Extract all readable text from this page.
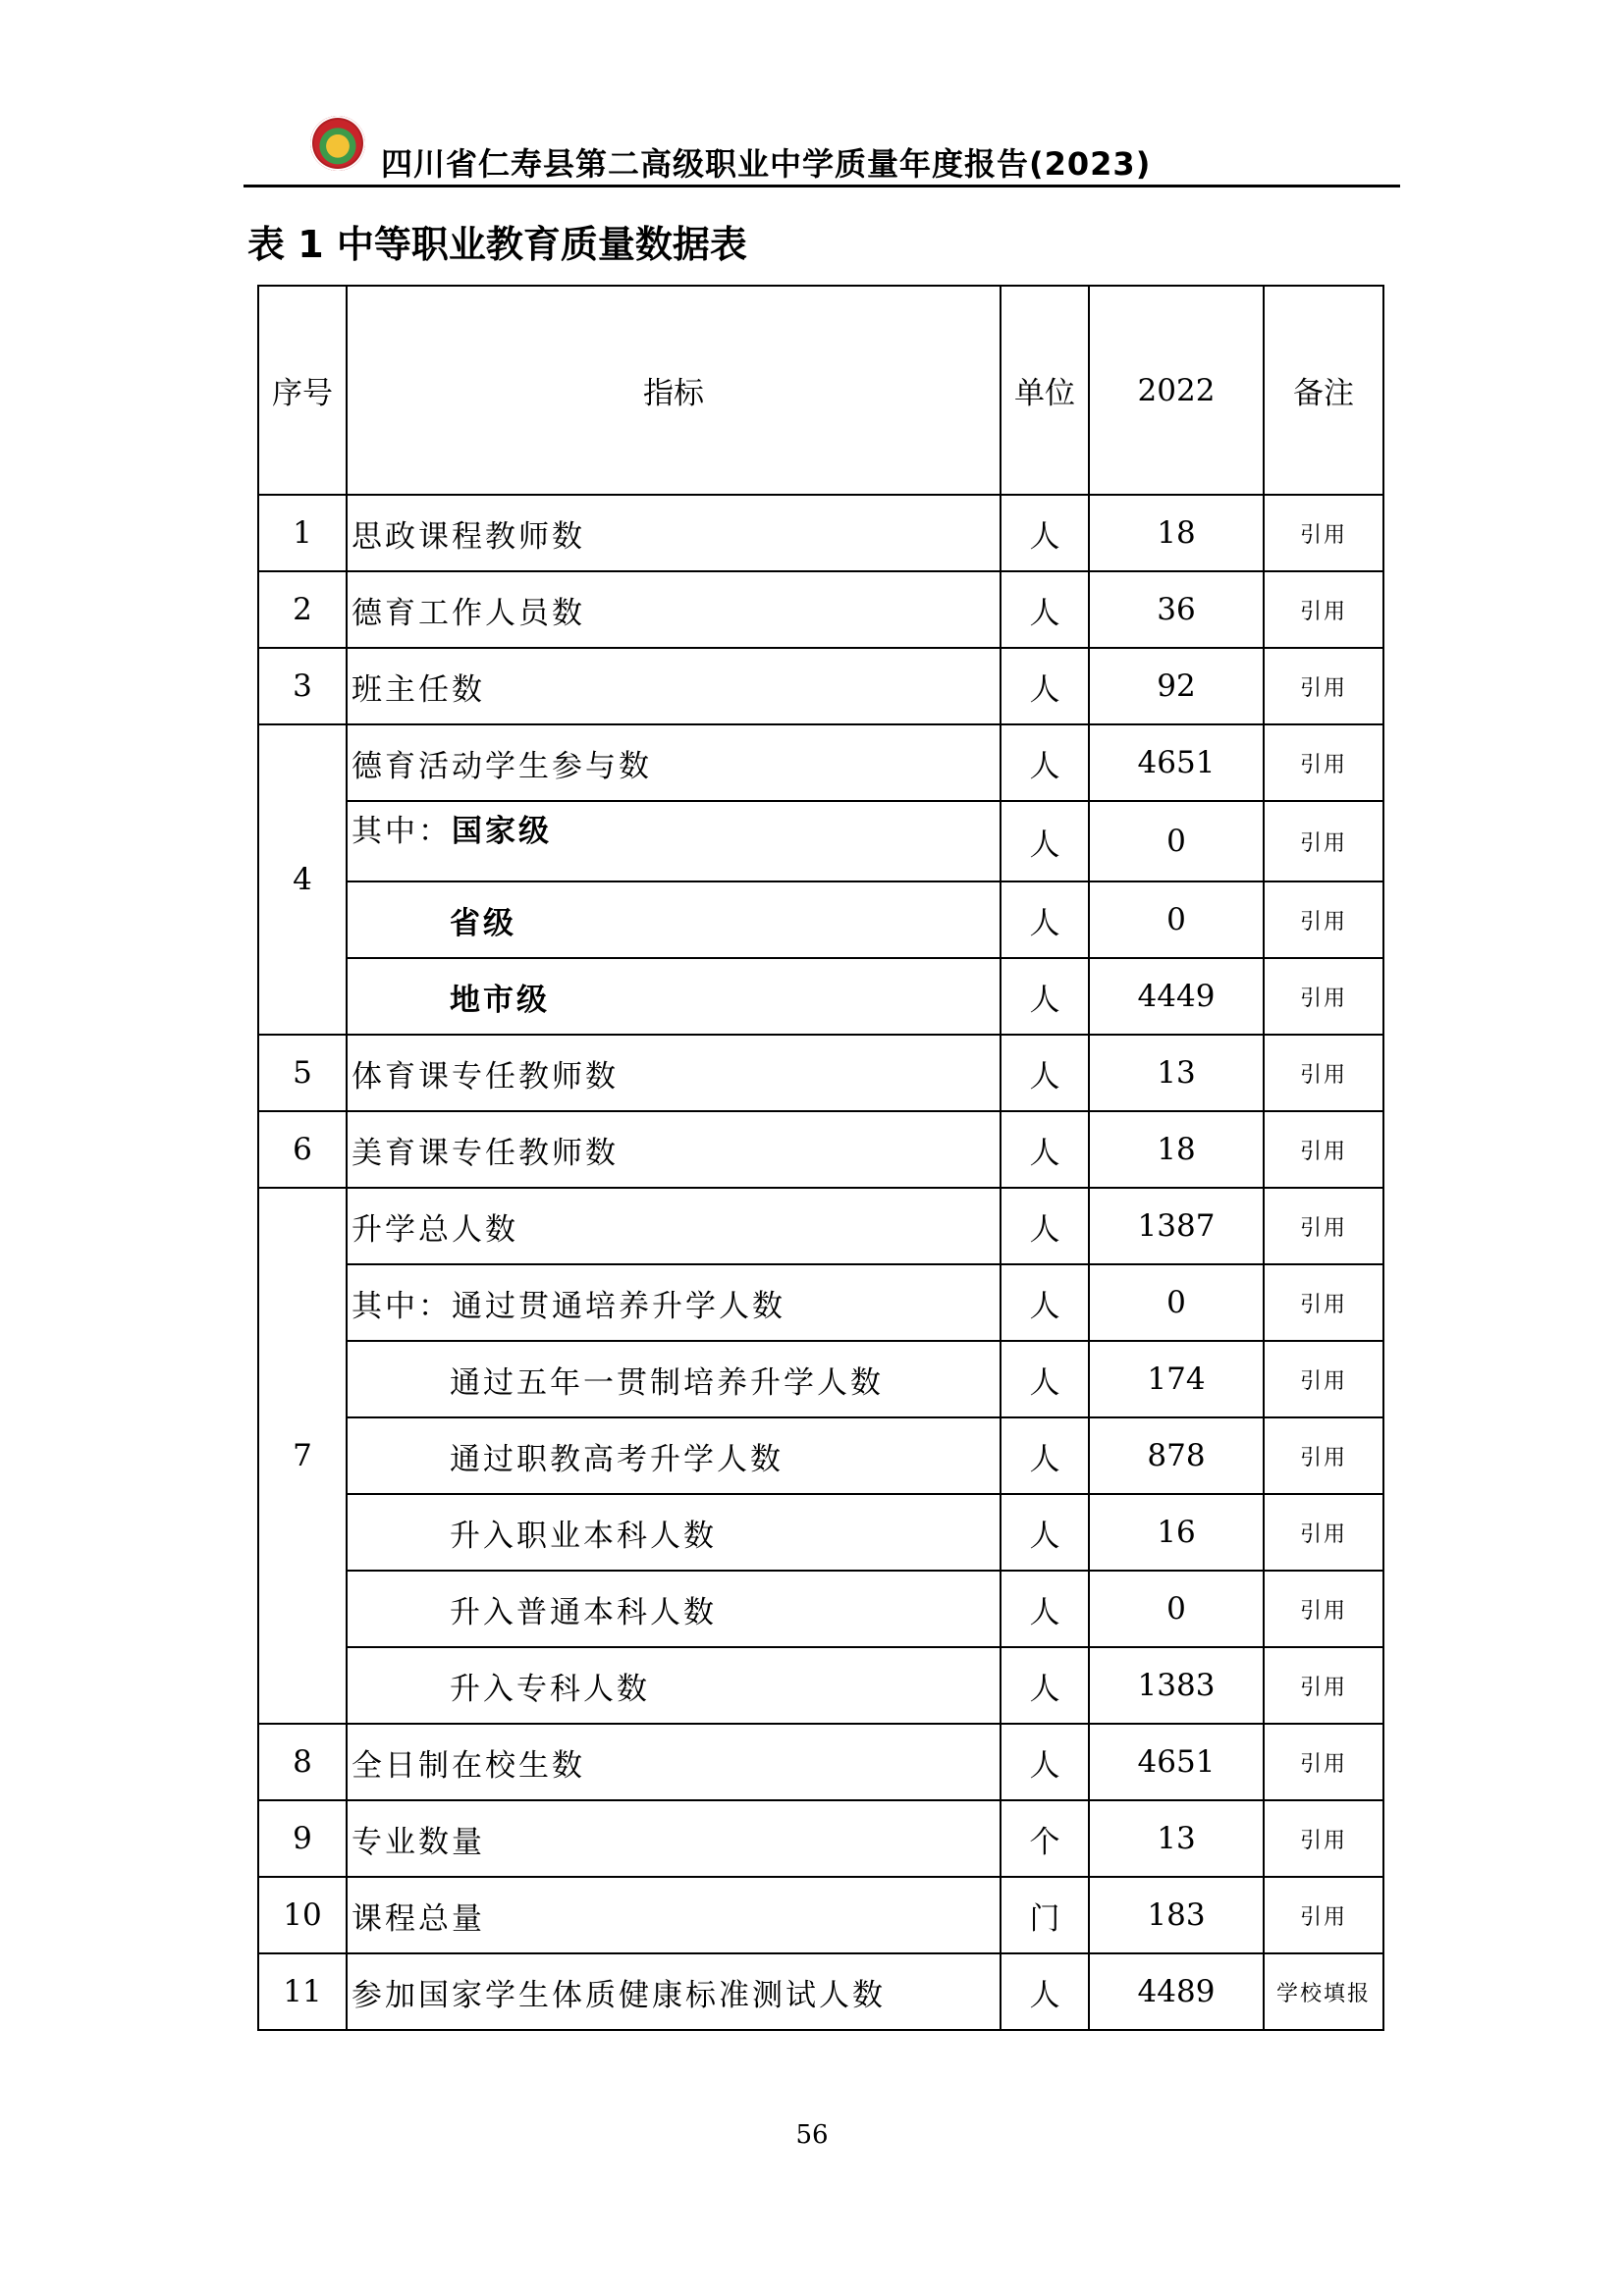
四川省仁寿县第二高级职业中学质量年度报告(2023)
表 1 中等职业教育质量数据表
序号	指标	单位	2022	备注
1	思政课程教师数	人	18	引用
2	德育工作人员数	人	36	引用
3	班主任数	人	92	引用
4	德育活动学生参与数	人	4651	引用
	其中：国家级	人	0	引用
	省级	人	0	引用
	地市级	人	4449	引用
5	体育课专任教师数	人	13	引用
6	美育课专任教师数	人	18	引用
7	升学总人数	人	1387	引用
	其中：通过贯通培养升学人数	人	0	引用
	通过五年一贯制培养升学人数	人	174	引用
	通过职教高考升学人数	人	878	引用
	升入职业本科人数	人	16	引用
	升入普通本科人数	人	0	引用
	升入专科人数	人	1383	引用
8	全日制在校生数	人	4651	引用
9	专业数量	个	13	引用
10	课程总量	门	183	引用
11	参加国家学生体质健康标准测试人数	人	4489	学校填报
56
